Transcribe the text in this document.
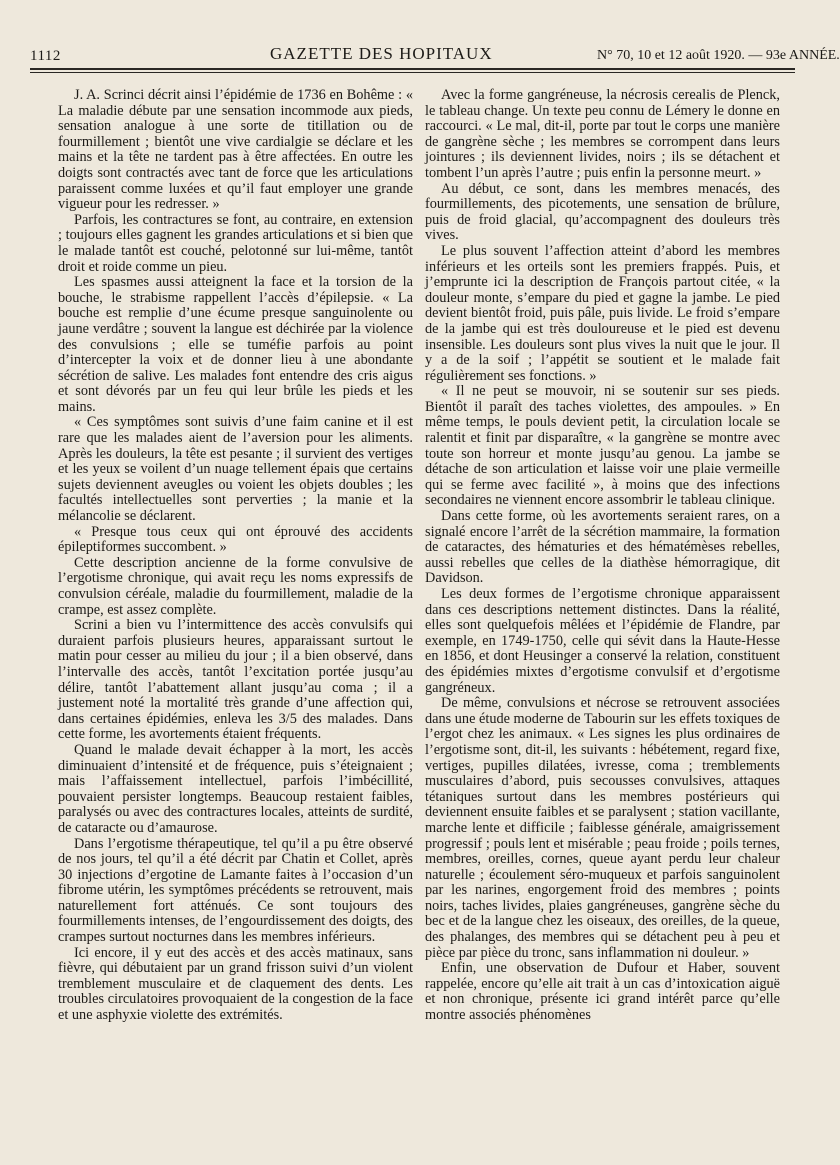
1112	GAZETTE DES HOPITAUX	N° 70, 10 et 12 août 1920. — 93e ANNÉE.

J. A. Scrinci décrit ainsi l’épidémie de 1736 en Bohême : « La maladie débute par une sensation incommode aux pieds, sensation analogue à une sorte de titillation ou de fourmillement ; bientôt une vive cardialgie se déclare et les mains et la tête ne tardent pas à être affectées. En outre les doigts sont contractés avec tant de force que les articulations paraissent comme luxées et qu’il faut employer une grande vigueur pour les redresser. »

Parfois, les contractures se font, au contraire, en extension ; toujours elles gagnent les grandes articulations et si bien que le malade tantôt est couché, pelotonné sur lui-même, tantôt droit et roide comme un pieu.

Les spasmes aussi atteignent la face et la torsion de la bouche, le strabisme rappellent l’accès d’épilepsie. « La bouche est remplie d’une écume presque sanguinolente ou jaune verdâtre ; souvent la langue est déchirée par la violence des convulsions ; elle se tuméfie parfois au point d’intercepter la voix et de donner lieu à une abondante sécrétion de salive. Les malades font entendre des cris aigus et sont dévorés par un feu qui leur brûle les pieds et les mains.

« Ces symptômes sont suivis d’une faim canine et il est rare que les malades aient de l’aversion pour les aliments. Après les douleurs, la tête est pesante ; il survient des vertiges et les yeux se voilent d’un nuage tellement épais que certains sujets deviennent aveugles ou voient les objets doubles ; les facultés intellectuelles sont perverties ; la manie et la mélancolie se déclarent.

« Presque tous ceux qui ont éprouvé des accidents épileptiformes succombent. »

Cette description ancienne de la forme convulsive de l’ergotisme chronique, qui avait reçu les noms expressifs de convulsion céréale, maladie du fourmillement, maladie de la crampe, est assez complète.

Scrini a bien vu l’intermittence des accès convulsifs qui duraient parfois plusieurs heures, apparaissant surtout le matin pour cesser au milieu du jour ; il a bien observé, dans l’intervalle des accès, tantôt l’excitation portée jusqu’au délire, tantôt l’abattement allant jusqu’au coma ; il a justement noté la mortalité très grande d’une affection qui, dans certaines épidémies, enleva les 3/5 des malades. Dans cette forme, les avortements étaient fréquents.

Quand le malade devait échapper à la mort, les accès diminuaient d’intensité et de fréquence, puis s’éteignaient ; mais l’affaissement intellectuel, parfois l’imbécillité, pouvaient persister longtemps. Beaucoup restaient faibles, paralysés ou avec des contractures locales, atteints de surdité, de cataracte ou d’amaurose.

Dans l’ergotisme thérapeutique, tel qu’il a pu être observé de nos jours, tel qu’il a été décrit par Chatin et Collet, après 30 injections d’ergotine de Lamante faites à l’occasion d’un fibrome utérin, les symptômes précédents se retrouvent, mais naturellement fort atténués. Ce sont toujours des fourmillements intenses, de l’engourdissement des doigts, des crampes surtout nocturnes dans les membres inférieurs.

Ici encore, il y eut des accès et des accès matinaux, sans fièvre, qui débutaient par un grand frisson suivi d’un violent tremblement musculaire et de claquement des dents. Les troubles circulatoires provoquaient de la congestion de la face et une asphyxie violette des extrémités.

Avec la forme gangréneuse, la nécrosis cerealis de Plenck, le tableau change. Un texte peu connu de Lémery le donne en raccourci. « Le mal, dit-il, porte par tout le corps une manière de gangrène sèche ; les membres se corrompent dans leurs jointures ; ils deviennent livides, noirs ; ils se détachent et tombent l’un après l’autre ; puis enfin la personne meurt. »

Au début, ce sont, dans les membres menacés, des fourmillements, des picotements, une sensation de brûlure, puis de froid glacial, qu’accompagnent des douleurs très vives.

Le plus souvent l’affection atteint d’abord les membres inférieurs et les orteils sont les premiers frappés. Puis, et j’emprunte ici la description de François partout citée, « la douleur monte, s’empare du pied et gagne la jambe. Le pied devient bientôt froid, puis pâle, puis livide. Le froid s’empare de la jambe qui est très douloureuse et le pied est devenu insensible. Les douleurs sont plus vives la nuit que le jour. Il y a de la soif ; l’appétit se soutient et le malade fait régulièrement ses fonctions. »

« Il ne peut se mouvoir, ni se soutenir sur ses pieds. Bientôt il paraît des taches violettes, des ampoules. » En même temps, le pouls devient petit, la circulation locale se ralentit et finit par disparaître, « la gangrène se montre avec toute son horreur et monte jusqu’au genou. La jambe se détache de son articulation et laisse voir une plaie vermeille qui se ferme avec facilité », à moins que des infections secondaires ne viennent encore assombrir le tableau clinique.

Dans cette forme, où les avortements seraient rares, on a signalé encore l’arrêt de la sécrétion mammaire, la formation de cataractes, des hématuries et des hématémèses rebelles, aussi rebelles que celles de la diathèse hémorragique, dit Davidson.

Les deux formes de l’ergotisme chronique apparaissent dans ces descriptions nettement distinctes. Dans la réalité, elles sont quelquefois mêlées et l’épidémie de Flandre, par exemple, en 1749-1750, celle qui sévit dans la Haute-Hesse en 1856, et dont Heusinger a conservé la relation, constituent des épidémies mixtes d’ergotisme convulsif et d’ergotisme gangréneux.

De même, convulsions et nécrose se retrouvent associées dans une étude moderne de Tabourin sur les effets toxiques de l’ergot chez les animaux. « Les signes les plus ordinaires de l’ergotisme sont, dit-il, les suivants : hébétement, regard fixe, vertiges, pupilles dilatées, ivresse, coma ; tremblements musculaires d’abord, puis secousses convulsives, attaques tétaniques surtout dans les membres postérieurs qui deviennent ensuite faibles et se paralysent ; station vacillante, marche lente et difficile ; faiblesse générale, amaigrissement progressif ; pouls lent et misérable ; peau froide ; poils ternes, membres, oreilles, cornes, queue ayant perdu leur chaleur naturelle ; écoulement séro-muqueux et parfois sanguinolent par les narines, engorgement froid des membres ; points noirs, taches livides, plaies gangréneuses, gangrène sèche du bec et de la langue chez les oiseaux, des oreilles, de la queue, des phalanges, des membres qui se détachent peu à peu et pièce par pièce du tronc, sans inflammation ni douleur. »

Enfin, une observation de Dufour et Haber, souvent rappelée, encore qu’elle ait trait à un cas d’intoxication aiguë et non chronique, présente ici grand intérêt parce qu’elle montre associés phénomènes
